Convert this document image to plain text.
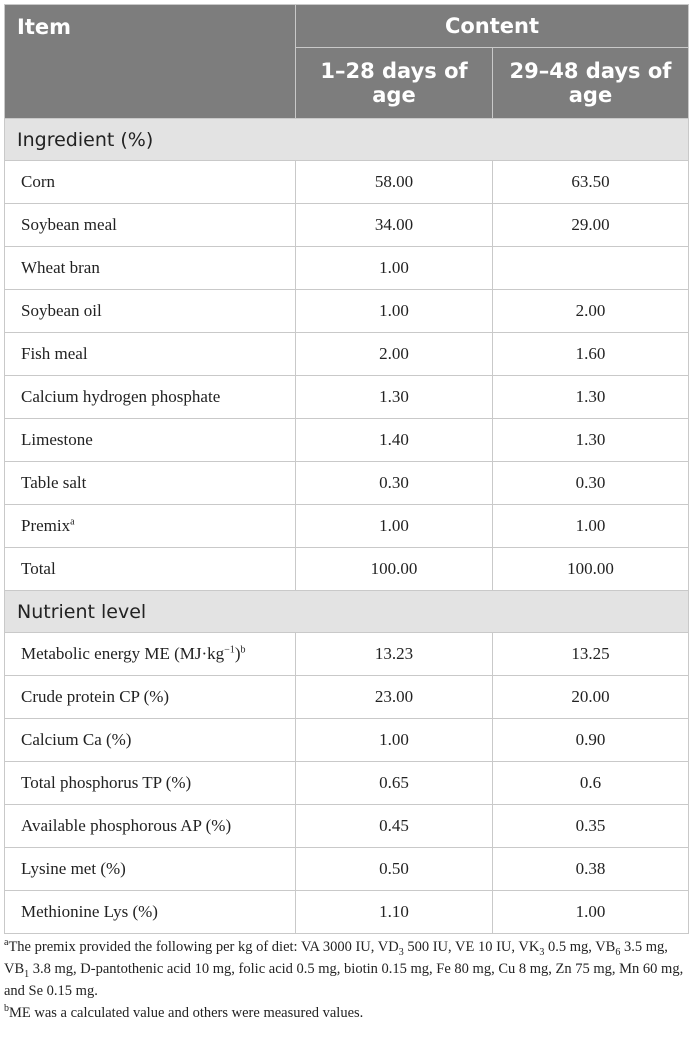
Item	Content	
	1–28 days of age	29–48 days of age
Ingredient (%)		
Corn	58.00	63.50
Soybean meal	34.00	29.00
Wheat bran	1.00	
Soybean oil	1.00	2.00
Fish meal	2.00	1.60
Calcium hydrogen phosphate	1.30	1.30
Limestone	1.40	1.30
Table salt	0.30	0.30
Premix$^a$	1.00	1.00
Total	100.00	100.00
Nutrient level		
Metabolic energy ME $(MJ\cdot kg^{-1})^b$	13.23	13.25
Crude protein CP (%)	23.00	20.00
Calcium Ca (%)	1.00	0.90
Total phosphorus TP (%)	0.65	0.6
Available phosphorous AP (%)	0.45	0.35
Lysine met (%)	0.50	0.38
Methionine Lys (%)	1.10	1.00

$^a$The premix provided the following per kg of diet: VA 3000 IU, $VD_3$ 500 IU, VE 10 IU, $VK_3$ 0.5 mg, $VB_6$ 3.5 mg, $VB_1$ 3.8 mg, D-pantothenic acid 10 mg, folic acid 0.5 mg, biotin 0.15 mg, Fe 80 mg, Cu 8 mg, Zn 75 mg, Mn 60 mg, and Se 0.15 mg.

$^b$ME was a calculated value and others were measured values.
